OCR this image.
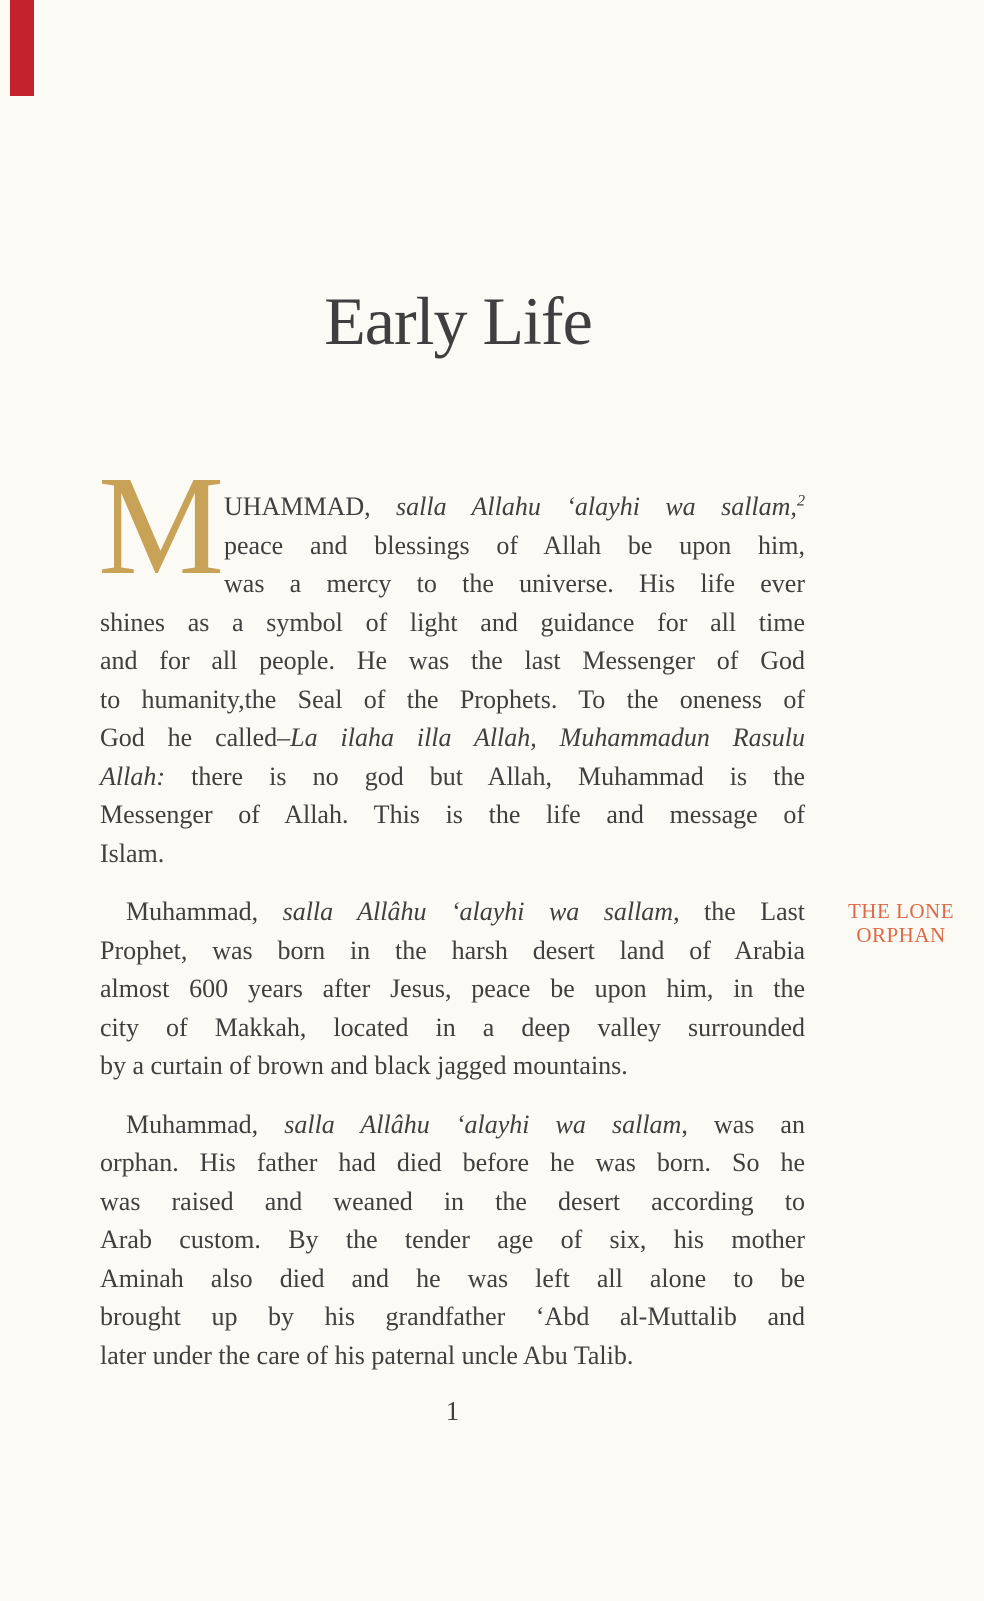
Early Life
M UHAMMAD, salla Allahu ‘alayhi wa sallam,$^2$
peace and blessings of Allah be upon him,
was a mercy to the universe. His life ever
shines as a symbol of light and guidance for all time
and for all people. He was the last Messenger of God
to humanity,the Seal of the Prophets. To the oneness of
God he called–La ilaha illa Allah, Muhammadun Rasulu
Allah: there is no god but Allah, Muhammad is the
Messenger of Allah. This is the life and message of
Islam.
Muhammad, salla Allâhu ‘alayhi wa sallam, the Last
Prophet, was born in the harsh desert land of Arabia
almost 600 years after Jesus, peace be upon him, in the
city of Makkah, located in a deep valley surrounded
by a curtain of brown and black jagged mountains.
Muhammad, salla Allâhu ‘alayhi wa sallam, was an
orphan. His father had died before he was born. So he
was raised and weaned in the desert according to
Arab custom. By the tender age of six, his mother
Aminah also died and he was left all alone to be
brought up by his grandfather ‘Abd al-Muttalib and
later under the care of his paternal uncle Abu Talib.
THE LONE
ORPHAN
1
